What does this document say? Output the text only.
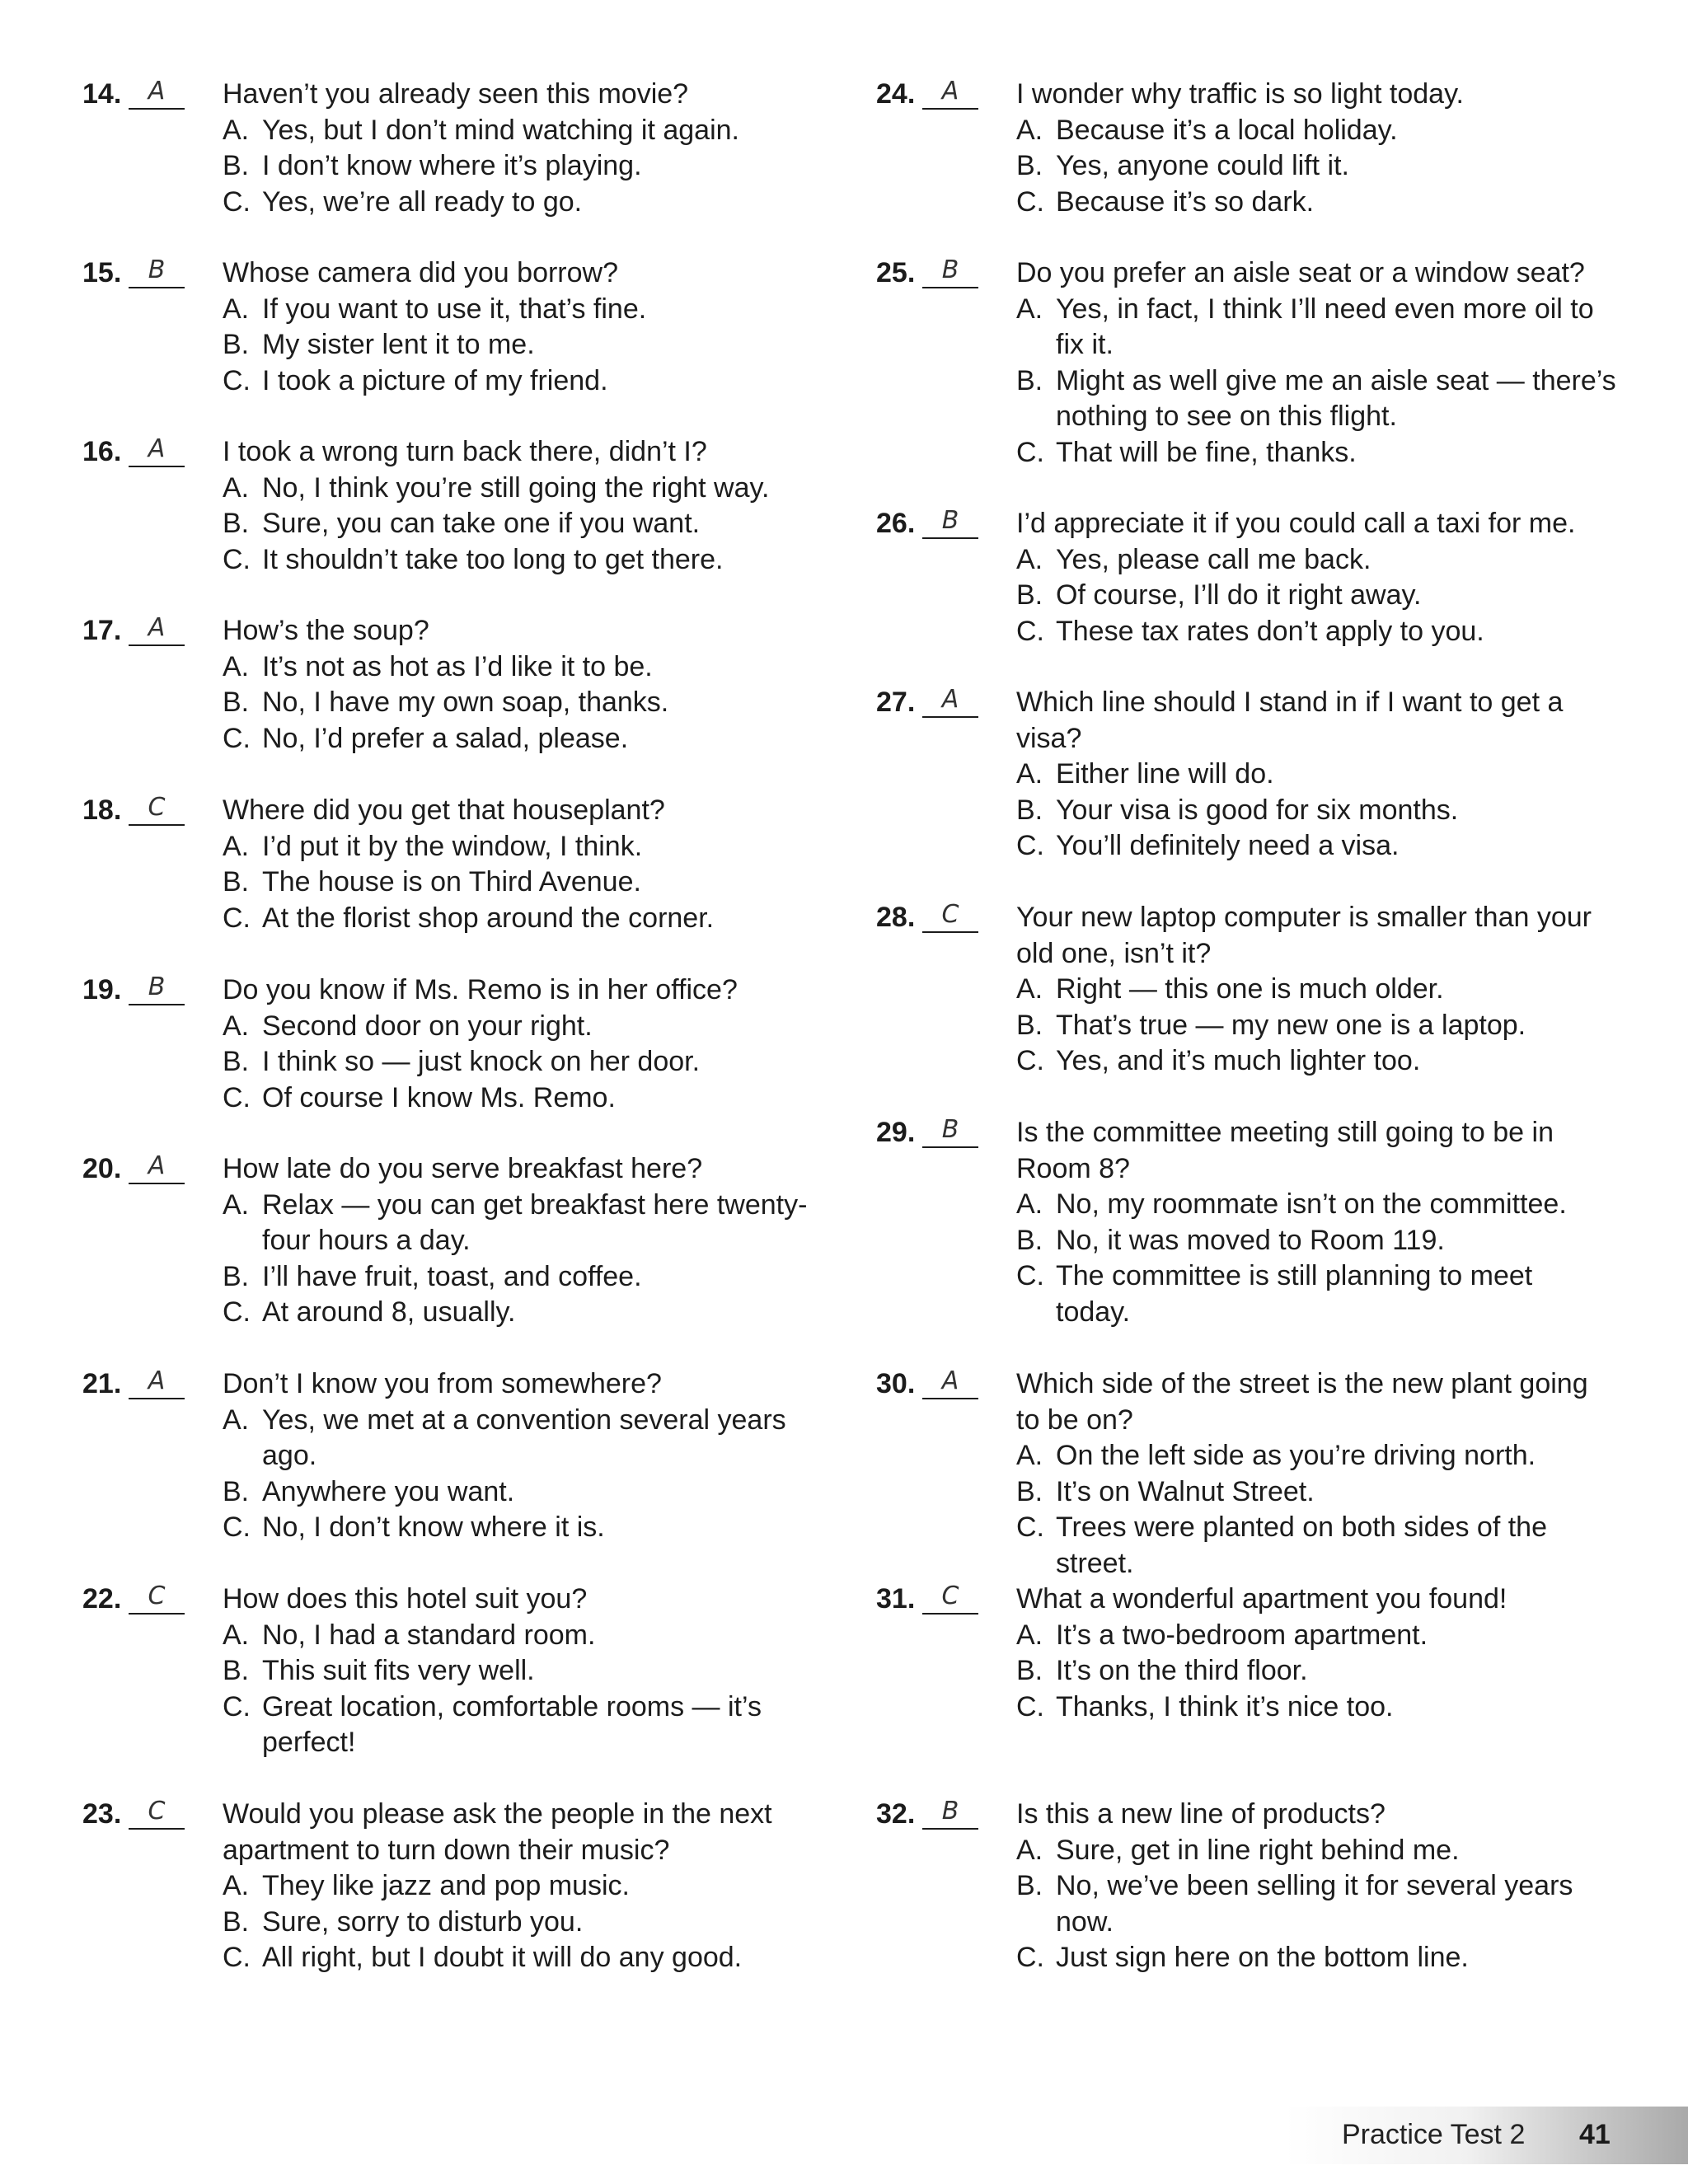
14.	A	Haven’t you already seen this movie?
A. Yes, but I don’t mind watching it again.
B. I don’t know where it’s playing.
C. Yes, we’re all ready to go.
15.	B	Whose camera did you borrow?
A. If you want to use it, that’s fine.
B. My sister lent it to me.
C. I took a picture of my friend.
16.	A	I took a wrong turn back there, didn’t I?
A. No, I think you’re still going the right way.
B. Sure, you can take one if you want.
C. It shouldn’t take too long to get there.
17.	A	How’s the soup?
A. It’s not as hot as I’d like it to be.
B. No, I have my own soap, thanks.
C. No, I’d prefer a salad, please.
18.	C	Where did you get that houseplant?
A. I’d put it by the window, I think.
B. The house is on Third Avenue.
C. At the florist shop around the corner.
19.	B	Do you know if Ms. Remo is in her office?
A. Second door on your right.
B. I think so — just knock on her door.
C. Of course I know Ms. Remo.
20.	A	How late do you serve breakfast here?
A. Relax — you can get breakfast here twenty-
four hours a day.
B. I’ll have fruit, toast, and coffee.
C. At around 8, usually.
21.	A	Don’t I know you from somewhere?
A. Yes, we met at a convention several years
ago.
B. Anywhere you want.
C. No, I don’t know where it is.
22.	C	How does this hotel suit you?
A. No, I had a standard room.
B. This suit fits very well.
C. Great location, comfortable rooms — it’s
perfect!
23.	C	Would you please ask the people in the next
apartment to turn down their music?
A. They like jazz and pop music.
B. Sure, sorry to disturb you.
C. All right, but I doubt it will do any good.
24.	A	I wonder why traffic is so light today.
A. Because it’s a local holiday.
B. Yes, anyone could lift it.
C. Because it’s so dark.
25.	B	Do you prefer an aisle seat or a window seat?
A. Yes, in fact, I think I’ll need even more oil to
fix it.
B. Might as well give me an aisle seat — there’s
nothing to see on this flight.
C. That will be fine, thanks.
26.	B	I’d appreciate it if you could call a taxi for me.
A. Yes, please call me back.
B. Of course, I’ll do it right away.
C. These tax rates don’t apply to you.
27.	A	Which line should I stand in if I want to get a
visa?
A. Either line will do.
B. Your visa is good for six months.
C. You’ll definitely need a visa.
28.	C	Your new laptop computer is smaller than your
old one, isn’t it?
A. Right — this one is much older.
B. That’s true — my new one is a laptop.
C. Yes, and it’s much lighter too.
29.	B	Is the committee meeting still going to be in
Room 8?
A. No, my roommate isn’t on the committee.
B. No, it was moved to Room 119.
C. The committee is still planning to meet
today.
30.	A	Which side of the street is the new plant going
to be on?
A. On the left side as you’re driving north.
B. It’s on Walnut Street.
C. Trees were planted on both sides of the
street.
31.	C	What a wonderful apartment you found!
A. It’s a two-bedroom apartment.
B. It’s on the third floor.
C. Thanks, I think it’s nice too.
32.	B	Is this a new line of products?
A. Sure, get in line right behind me.
B. No, we’ve been selling it for several years
now.
C. Just sign here on the bottom line.
Practice Test 2 41
